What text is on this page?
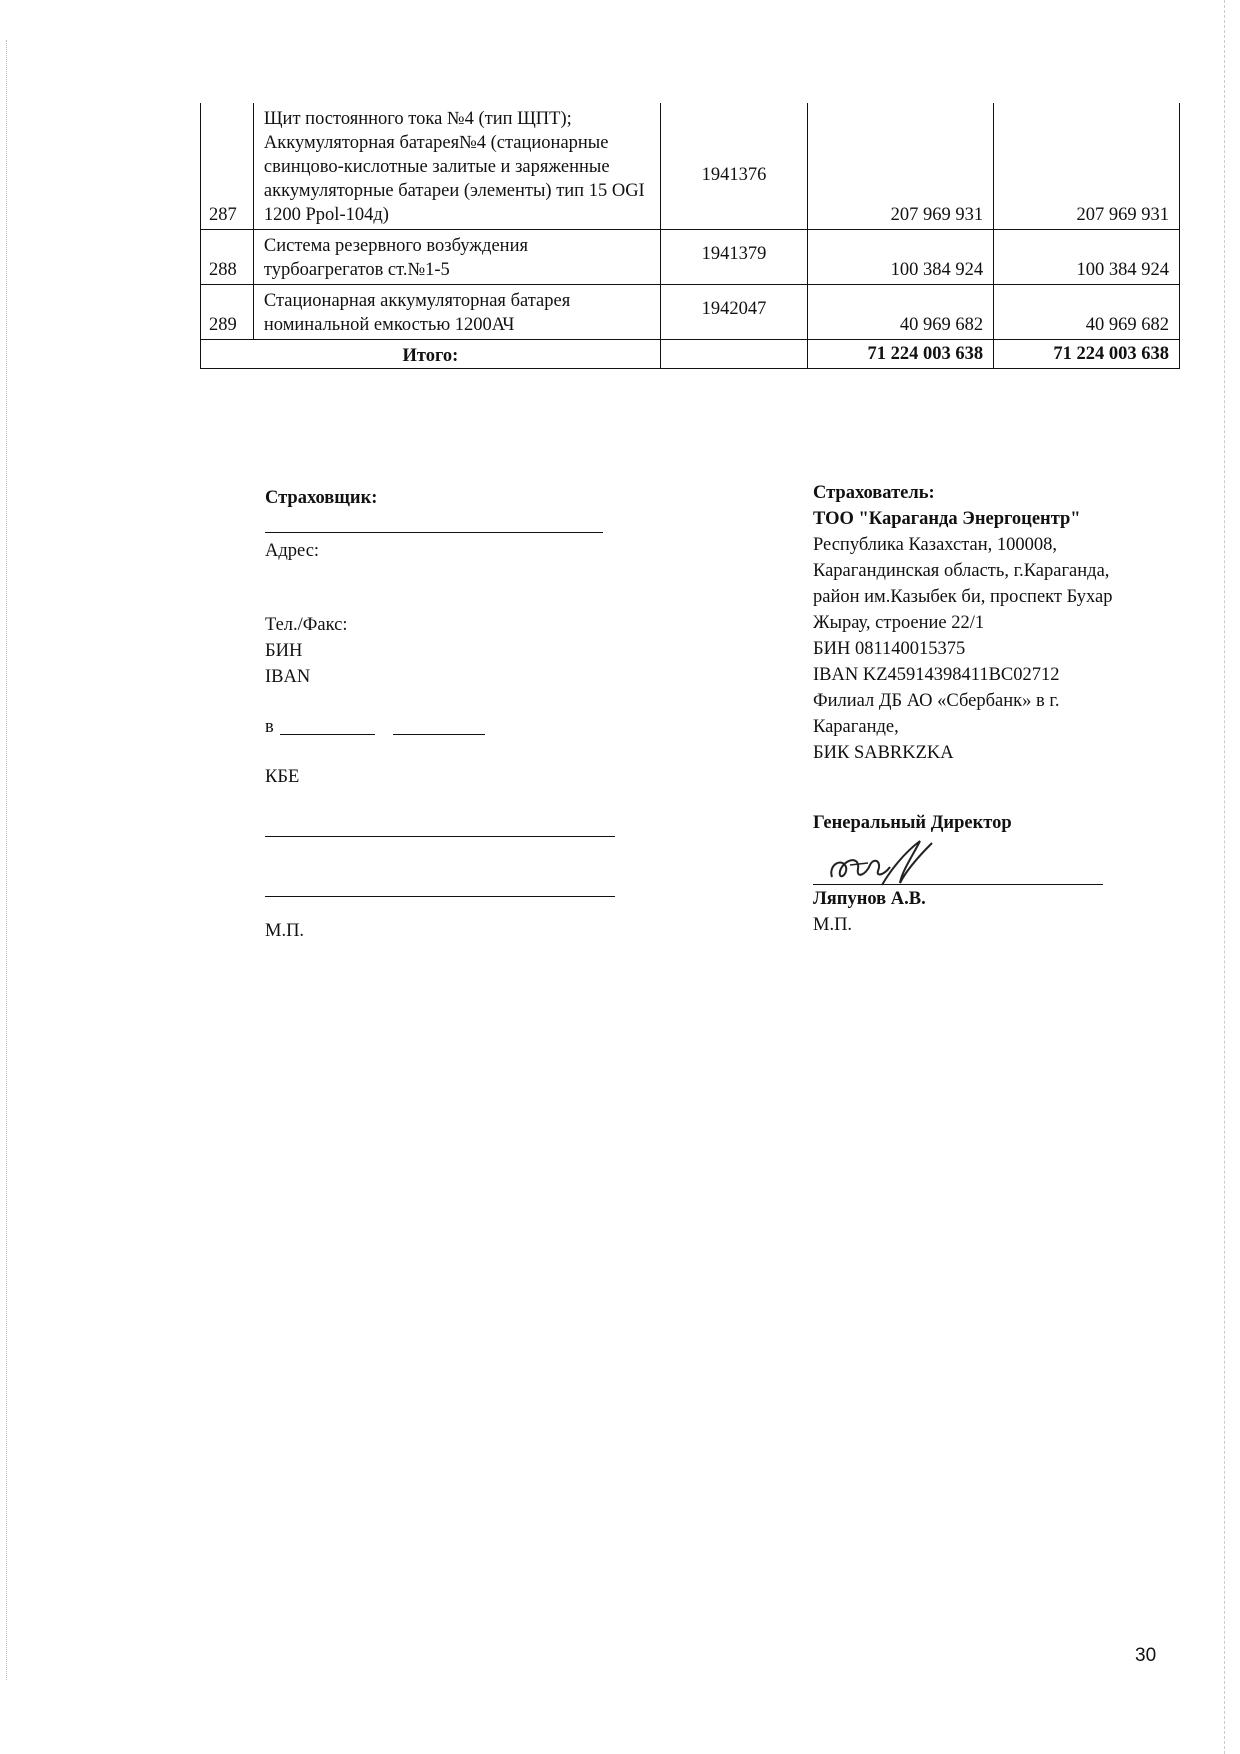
287	Щит постоянного тока №4 (тип ЩПТ); Аккумуляторная батарея№4 (стационарные свинцово-кислотные залитые и заряженные аккумуляторные батареи (элементы) тип 15 OGI 1200 Ppol-104д)	1941376	207 969 931	207 969 931
288	Система резервного возбуждения турбоагрегатов ст.№1-5	1941379	100 384 924	100 384 924
289	Стационарная аккумуляторная батарея номинальной емкостью 1200АЧ	1942047	40 969 682	40 969 682
Итого:			71 224 003 638	71 224 003 638
Страховщик:
Адрес:
Тел./Факс:
БИН
IBAN
в
КБЕ
М.П.
Страхователь:
ТОО "Караганда Энергоцентр"
Республика Казахстан, 100008,
Карагандинская область, г.Караганда,
район им.Казыбек би, проспект Бухар
Жырау, строение 22/1
БИН 081140015375
IBAN KZ45914398411BC02712
Филиал ДБ АО «Сбербанк» в г.
Караганде,
БИК SABRKZKA
Генеральный Директор
Ляпунов А.В.
М.П.
30
